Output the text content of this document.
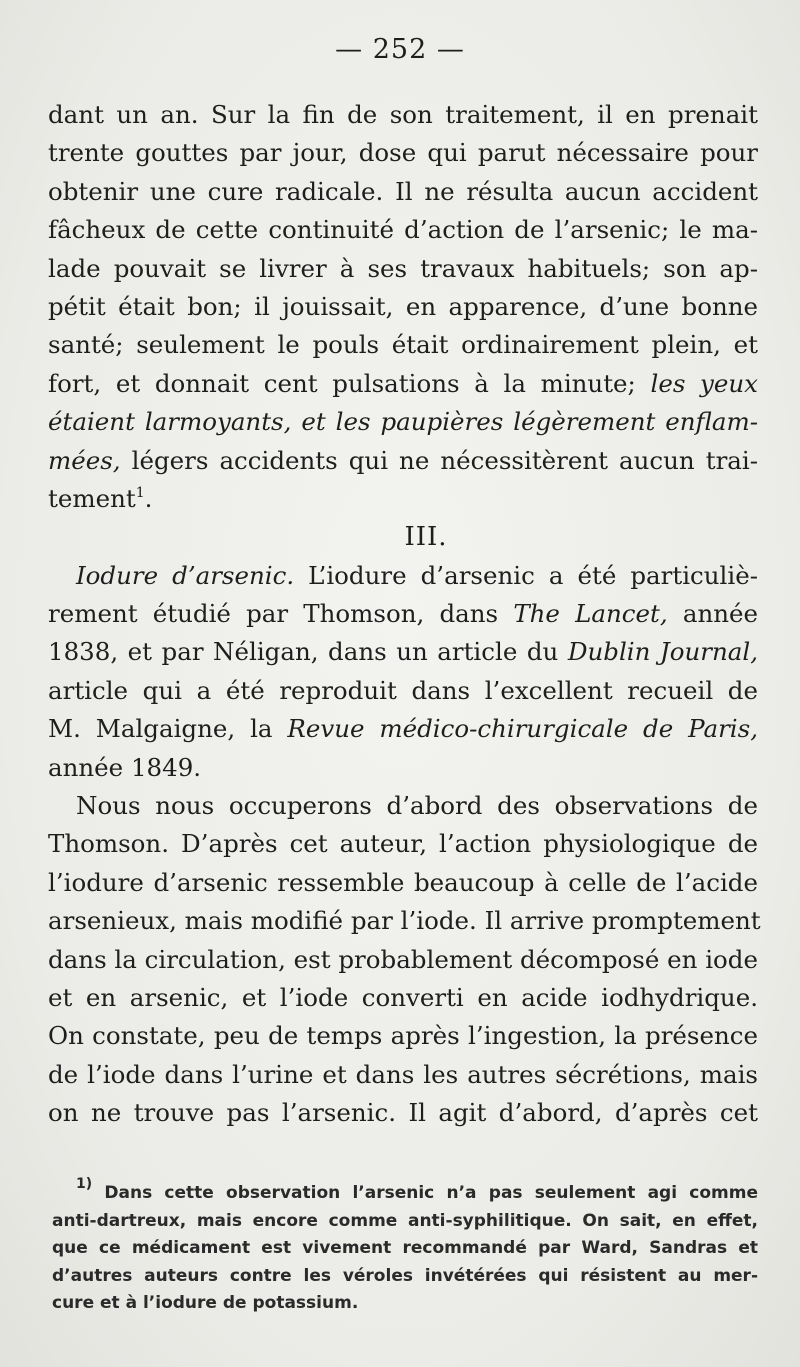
— 252 —
dant un an. Sur la fin de son traitement, il en prenait
trente gouttes par jour, dose qui parut nécessaire pour
obtenir une cure radicale. Il ne résulta aucun accident
fâcheux de cette continuité d’action de l’arsenic; le ma-
lade pouvait se livrer à ses travaux habituels; son ap-
pétit était bon; il jouissait, en apparence, d’une bonne
santé; seulement le pouls était ordinairement plein, et
fort, et donnait cent pulsations à la minute; les yeux
étaient larmoyants, et les paupières légèrement enflam-
mées, légers accidents qui ne nécessitèrent aucun trai-
tement$^1$.
III.
Iodure d’arsenic. L’iodure d’arsenic a été particuliè-
rement étudié par Thomson, dans The Lancet, année
1838, et par Néligan, dans un article du Dublin Journal,
article qui a été reproduit dans l’excellent recueil de
M. Malgaigne, la Revue médico-chirurgicale de Paris,
année 1849.
Nous nous occuperons d’abord des observations de
Thomson. D’après cet auteur, l’action physiologique de
l’iodure d’arsenic ressemble beaucoup à celle de l’acide
arsenieux, mais modifié par l’iode. Il arrive promptement
dans la circulation, est probablement décomposé en iode
et en arsenic, et l’iode converti en acide iodhydrique.
On constate, peu de temps après l’ingestion, la présence
de l’iode dans l’urine et dans les autres sécrétions, mais
on ne trouve pas l’arsenic. Il agit d’abord, d’après cet
$^{1)}$ Dans cette observation l’arsenic n’a pas seulement agi comme
anti-dartreux, mais encore comme anti-syphilitique. On sait, en effet,
que ce médicament est vivement recommandé par Ward, Sandras et
d’autres auteurs contre les véroles invétérées qui résistent au mer-
cure et à l’iodure de potassium.
